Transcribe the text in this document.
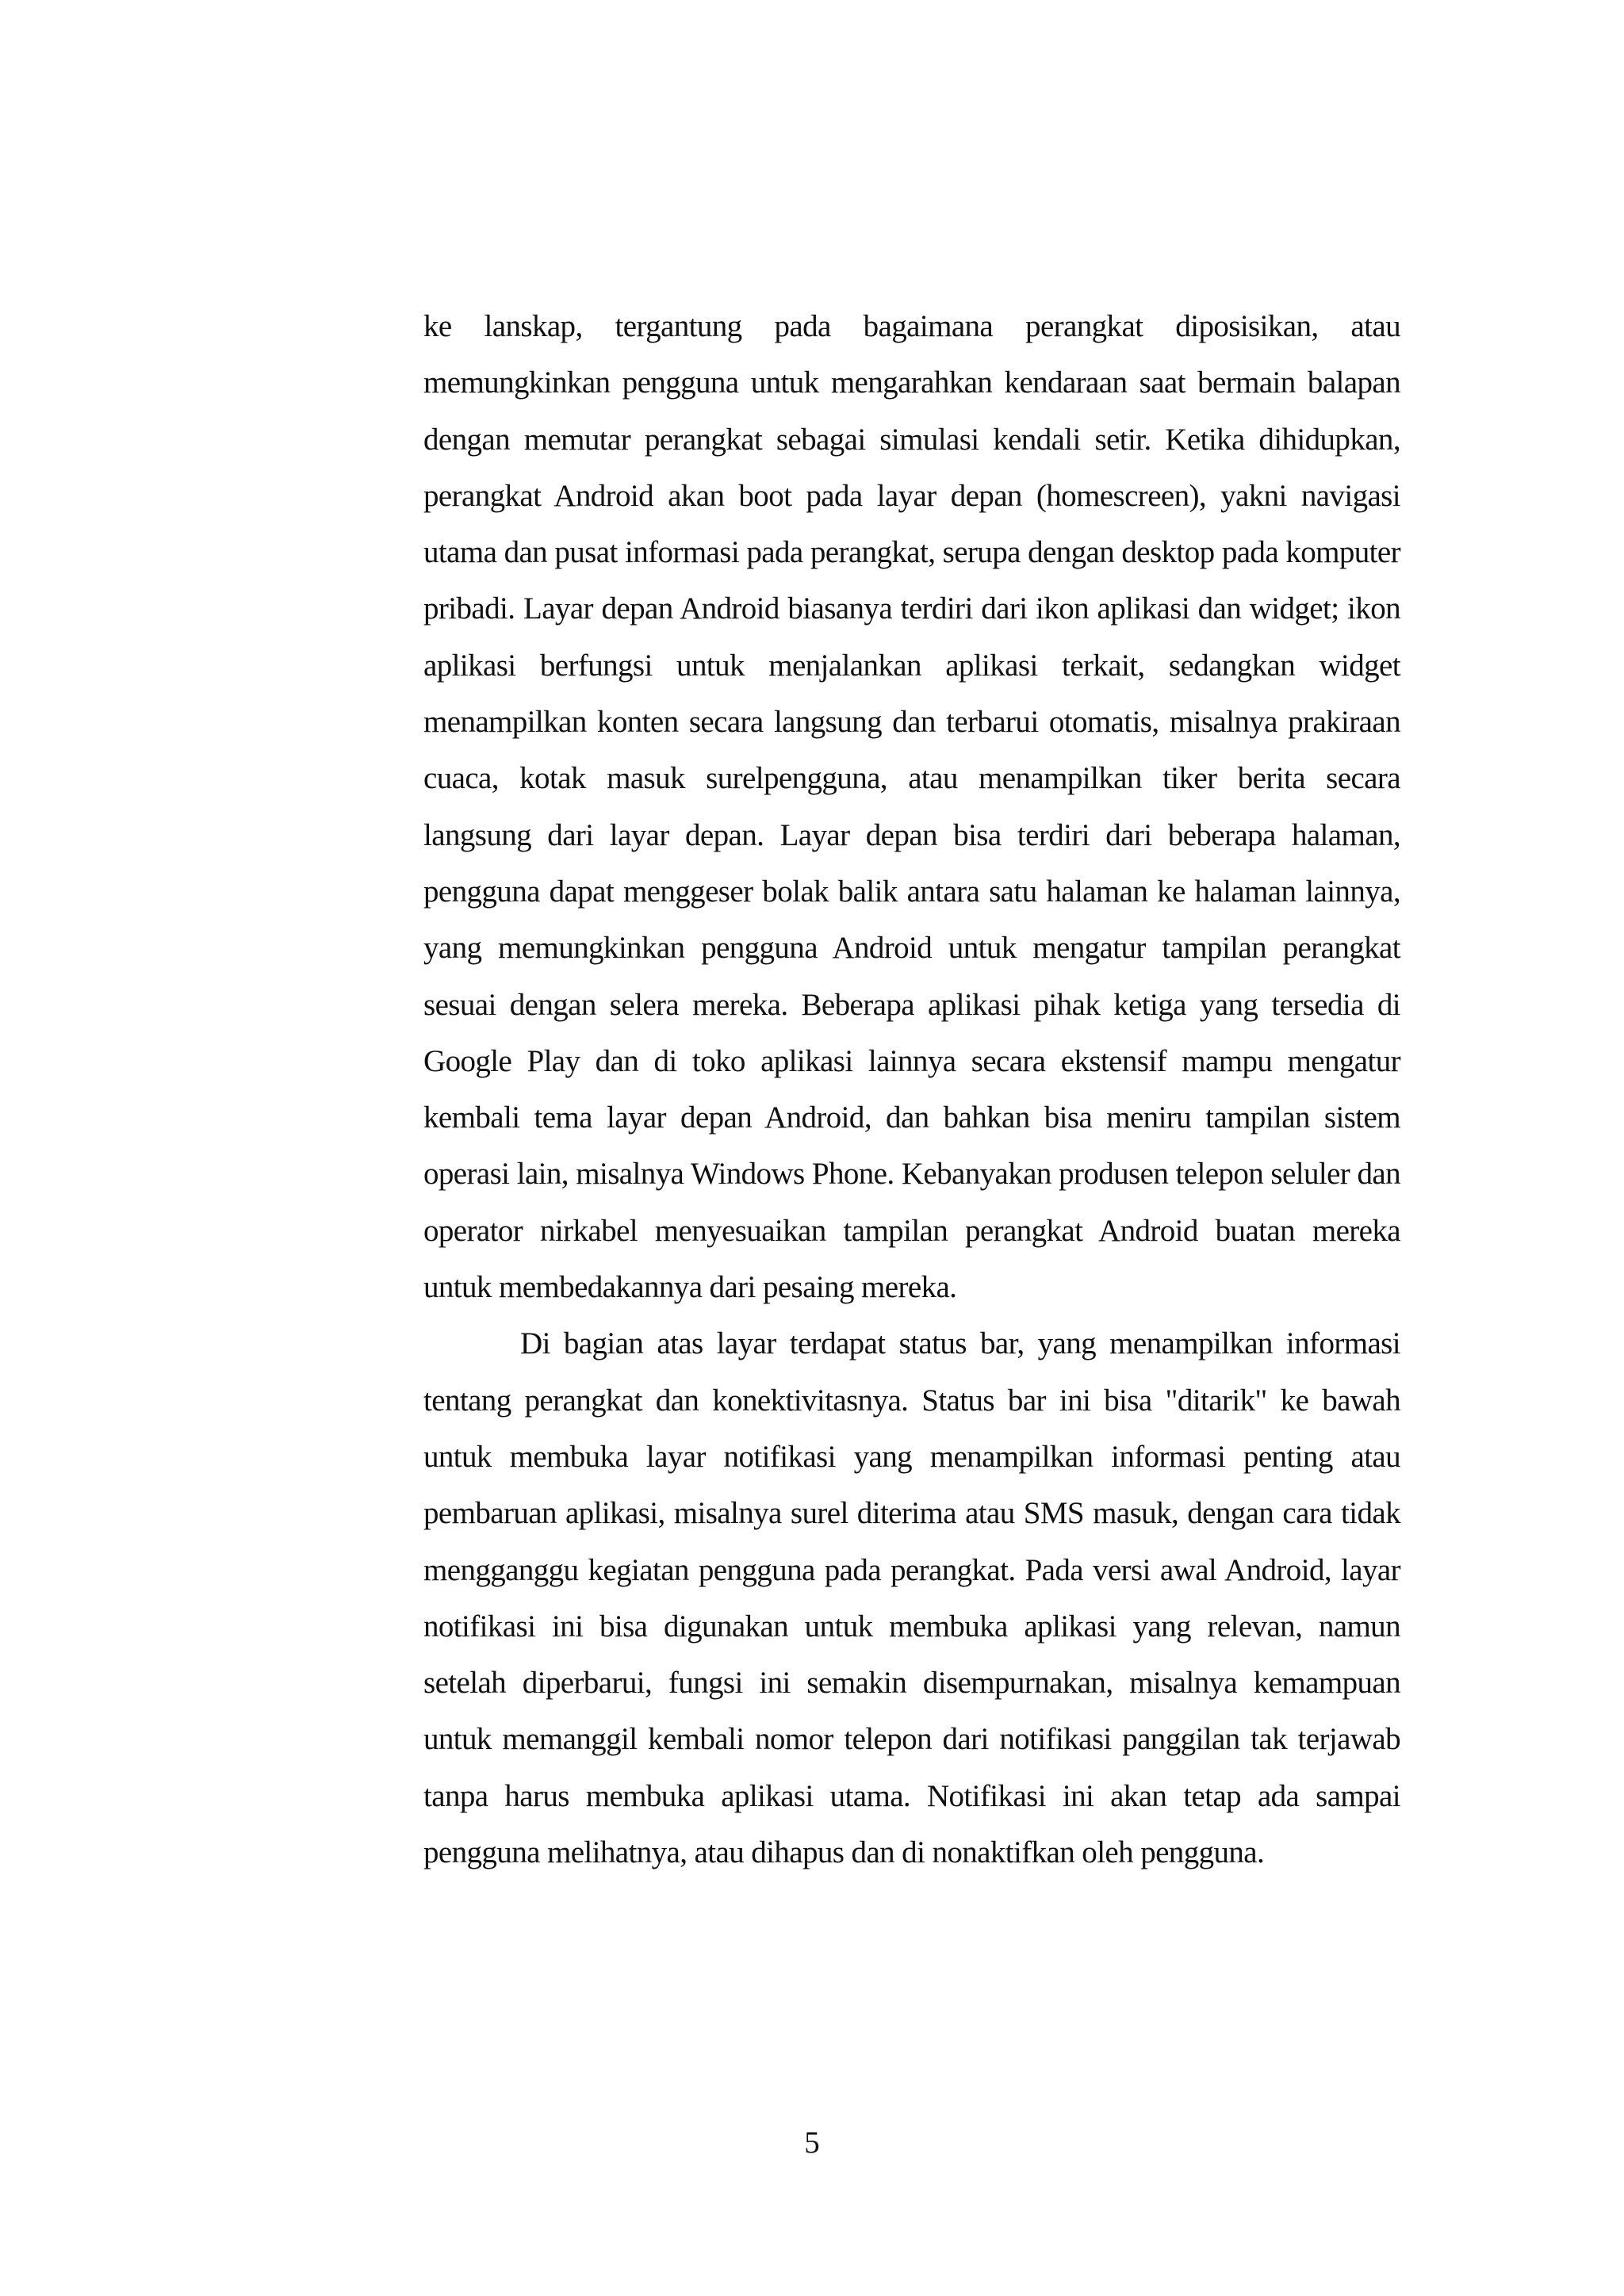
ke lanskap, tergantung pada bagaimana perangkat diposisikan, atau memungkinkan pengguna untuk mengarahkan kendaraan saat bermain balapan dengan memutar perangkat sebagai simulasi kendali setir. Ketika dihidupkan, perangkat Android akan boot pada layar depan (homescreen), yakni navigasi utama dan pusat informasi pada perangkat, serupa dengan desktop pada komputer pribadi. Layar depan Android biasanya terdiri dari ikon aplikasi dan widget; ikon aplikasi berfungsi untuk menjalankan aplikasi terkait, sedangkan widget menampilkan konten secara langsung dan terbarui otomatis, misalnya prakiraan cuaca, kotak masuk surelpengguna, atau menampilkan tiker berita secara langsung dari layar depan. Layar depan bisa terdiri dari beberapa halaman, pengguna dapat menggeser bolak balik antara satu halaman ke halaman lainnya, yang memungkinkan pengguna Android untuk mengatur tampilan perangkat sesuai dengan selera mereka. Beberapa aplikasi pihak ketiga yang tersedia di Google Play dan di toko aplikasi lainnya secara ekstensif mampu mengatur kembali tema layar depan Android, dan bahkan bisa meniru tampilan sistem operasi lain, misalnya Windows Phone. Kebanyakan produsen telepon seluler dan operator nirkabel menyesuaikan tampilan perangkat Android buatan mereka untuk membedakannya dari pesaing mereka.

Di bagian atas layar terdapat status bar, yang menampilkan informasi tentang perangkat dan konektivitasnya. Status bar ini bisa "ditarik" ke bawah untuk membuka layar notifikasi yang menampilkan informasi penting atau pembaruan aplikasi, misalnya surel diterima atau SMS masuk, dengan cara tidak mengganggu kegiatan pengguna pada perangkat. Pada versi awal Android, layar notifikasi ini bisa digunakan untuk membuka aplikasi yang relevan, namun setelah diperbarui, fungsi ini semakin disempurnakan, misalnya kemampuan untuk memanggil kembali nomor telepon dari notifikasi panggilan tak terjawab tanpa harus membuka aplikasi utama. Notifikasi ini akan tetap ada sampai pengguna melihatnya, atau dihapus dan di nonaktifkan oleh pengguna.

5
